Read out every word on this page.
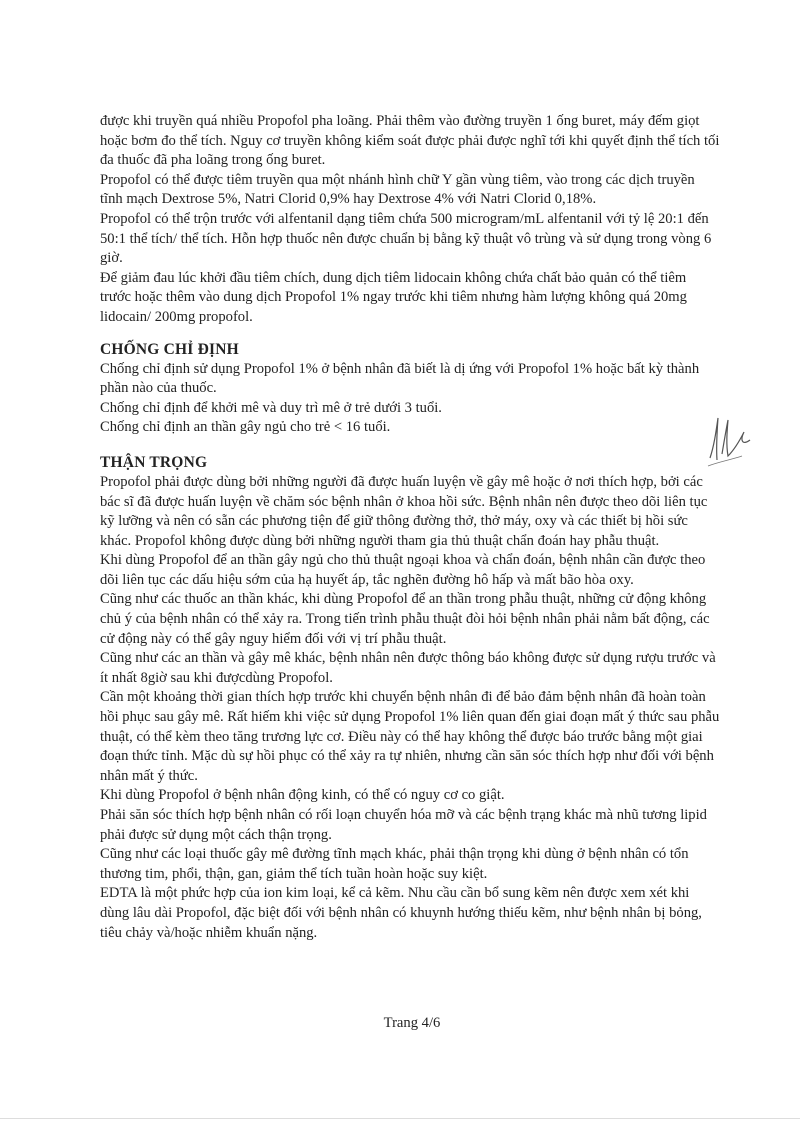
được khi truyền quá nhiều Propofol pha loãng. Phải thêm vào đường truyền 1 ống buret, máy đếm giọt hoặc bơm đo thể tích. Nguy cơ truyền không kiểm soát được phải được nghĩ tới khi quyết định thể tích tối đa thuốc đã pha loãng trong ống buret.

Propofol có thể được tiêm truyền qua một nhánh hình chữ Y gần vùng tiêm, vào trong các dịch truyền tĩnh mạch Dextrose 5%, Natri Clorid 0,9% hay Dextrose 4% với Natri Clorid 0,18%.

Propofol có thể trộn trước với alfentanil dạng tiêm chứa 500 microgram/mL alfentanil với tỷ lệ 20:1 đến 50:1 thể tích/ thể tích. Hỗn hợp thuốc nên được chuẩn bị bằng kỹ thuật vô trùng và sử dụng trong vòng 6 giờ.

Để giảm đau lúc khởi đầu tiêm chích, dung dịch tiêm lidocain không chứa chất bảo quản có thể tiêm trước hoặc thêm vào dung dịch Propofol 1% ngay trước khi tiêm nhưng hàm lượng không quá 20mg lidocain/ 200mg propofol.

CHỐNG CHỈ ĐỊNH

Chống chỉ định sử dụng Propofol 1% ở bệnh nhân đã biết là dị ứng với Propofol 1% hoặc bất kỳ thành phần nào của thuốc.

Chống chỉ định để khởi mê và duy trì mê ở trẻ dưới 3 tuổi.

Chống chỉ định an thần gây ngủ cho trẻ < 16 tuổi.

THẬN TRỌNG

Propofol phải được dùng bởi những người đã được huấn luyện về gây mê hoặc ở nơi thích hợp, bởi các bác sĩ đã được huấn luyện về chăm sóc bệnh nhân ở khoa hồi sức. Bệnh nhân nên được theo dõi liên tục kỹ lưỡng và nên có sẵn các phương tiện để giữ thông đường thở, thở máy, oxy và các thiết bị hồi sức khác. Propofol không được dùng bởi những người tham gia thủ thuật chẩn đoán hay phẫu thuật.

Khi dùng Propofol để an thần gây ngủ cho thủ thuật ngoại khoa và chẩn đoán, bệnh nhân cần được theo dõi liên tục các dấu hiệu sớm của hạ huyết áp, tắc nghẽn đường hô hấp và mất bão hòa oxy.

Cũng như các thuốc an thần khác, khi dùng Propofol để an thần trong phẫu thuật, những cử động không chủ ý của bệnh nhân có thể xảy ra. Trong tiến trình phẫu thuật đòi hỏi bệnh nhân phải nằm bất động, các cử động này có thể gây nguy hiểm đối với vị trí phẫu thuật.

Cũng như các an thần và gây mê khác, bệnh nhân nên được thông báo không được sử dụng rượu trước và ít nhất 8giờ sau khi đượcdùng Propofol.

Cần một khoảng thời gian thích hợp trước khi chuyển bệnh nhân đi để bảo đảm bệnh nhân đã hoàn toàn hồi phục sau gây mê. Rất hiếm khi việc sử dụng Propofol 1% liên quan đến giai đoạn mất ý thức sau phẫu thuật, có thể kèm theo tăng trương lực cơ. Điều này có thể hay không thể được báo trước bằng một giai đoạn thức tỉnh. Mặc dù sự hồi phục có thể xảy ra tự nhiên, nhưng cần săn sóc thích hợp như đối với bệnh nhân mất ý thức.

Khi dùng Propofol ở bệnh nhân động kinh, có thể có nguy cơ co giật.

Phải săn sóc thích hợp bệnh nhân có rối loạn chuyển hóa mỡ và các bệnh trạng khác mà nhũ tương lipid phải được sử dụng một cách thận trọng.

Cũng như các loại thuốc gây mê đường tĩnh mạch khác, phải thận trọng khi dùng ở bệnh nhân có tổn thương tim, phổi, thận, gan, giảm thể tích tuần hoàn hoặc suy kiệt.

EDTA là một phức hợp của ion kim loại, kể cả kẽm. Nhu cầu cần bổ sung kẽm nên được xem xét khi dùng lâu dài Propofol, đặc biệt đối với bệnh nhân có khuynh hướng thiếu kẽm, như bệnh nhân bị bỏng, tiêu chảy và/hoặc nhiễm khuẩn nặng.

Trang 4/6
